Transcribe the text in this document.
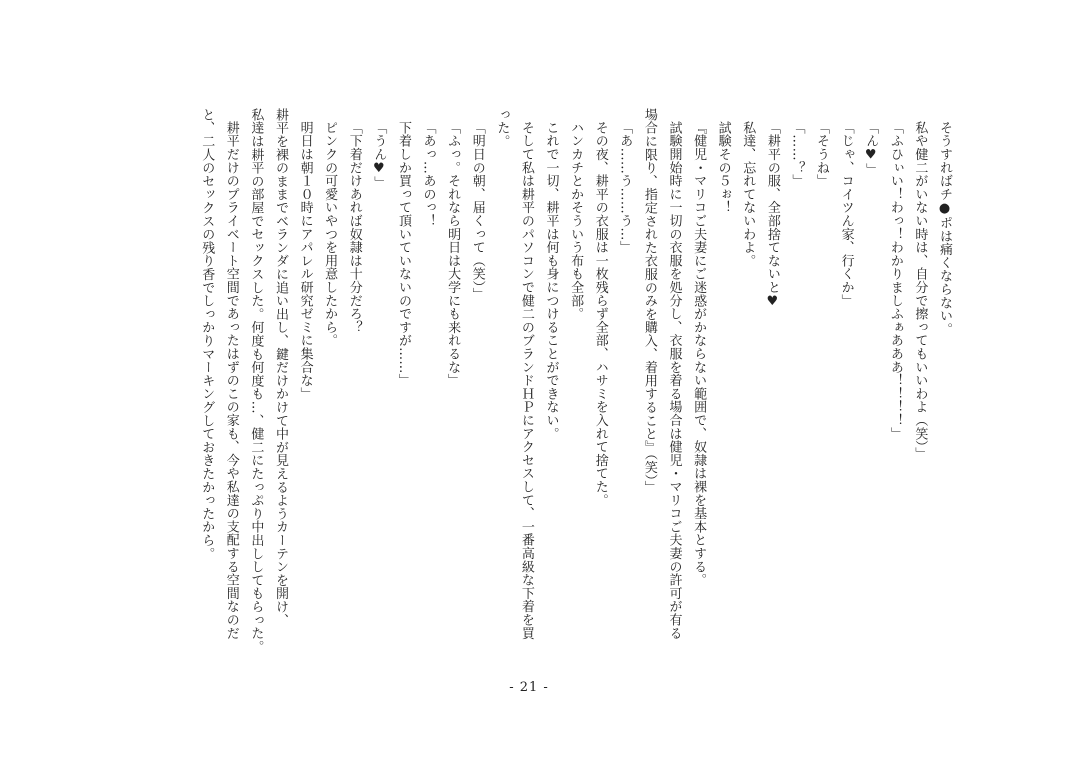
そうすればチ●ポは痛くならない。

私や健二がいない時は、自分で擦ってもいいわよ（笑）」

「ふひぃい！わっ！わかりましふぁあああ！！！！」

「ん♥」

「じゃ、コイツん家、行くか」

「そうね」

「……？」

「耕平の服、全部捨てないと♥

私達、忘れてないわよ。

試験その５ぉ！

『健児・マリコご夫妻にご迷惑がかならない範囲で、奴隷は裸を基本とする。

試験開始時に一切の衣服を処分し、衣服を着る場合は健児・マリコご夫妻の許可が有る

場合に限り、指定された衣服のみを購入、着用すること』（笑）」

「あ……う……う…」

その夜、耕平の衣服は一枚残らず全部、ハサミを入れて捨てた。

ハンカチとかそういう布も全部。

これで一切、耕平は何も身につけることができない。

そして私は耕平のパソコンで健二のブランドＨＰにアクセスして、一番高級な下着を買

った。

「明日の朝、届くって（笑）」

「ふっ。それなら明日は大学にも来れるな」

「あっ…あのっ！

下着しか買って頂いていないのですが……」

「うん♥」

「下着だけあれば奴隷は十分だろ？

ピンクの可愛いやつを用意したから。

明日は朝１０時にアパレル研究ゼミに集合な」

耕平を裸のままでベランダに追い出し、鍵だけかけて中が見えるようカーテンを開け、

私達は耕平の部屋でセックスした。何度も何度も…、健二にたっぷり中出ししてもらった。

耕平だけのプライベート空間であったはずのこの家も、今や私達の支配する空間なのだ

と、二人のセックスの残り香でしっかりマーキングしておきたかったから。

- 21 -
